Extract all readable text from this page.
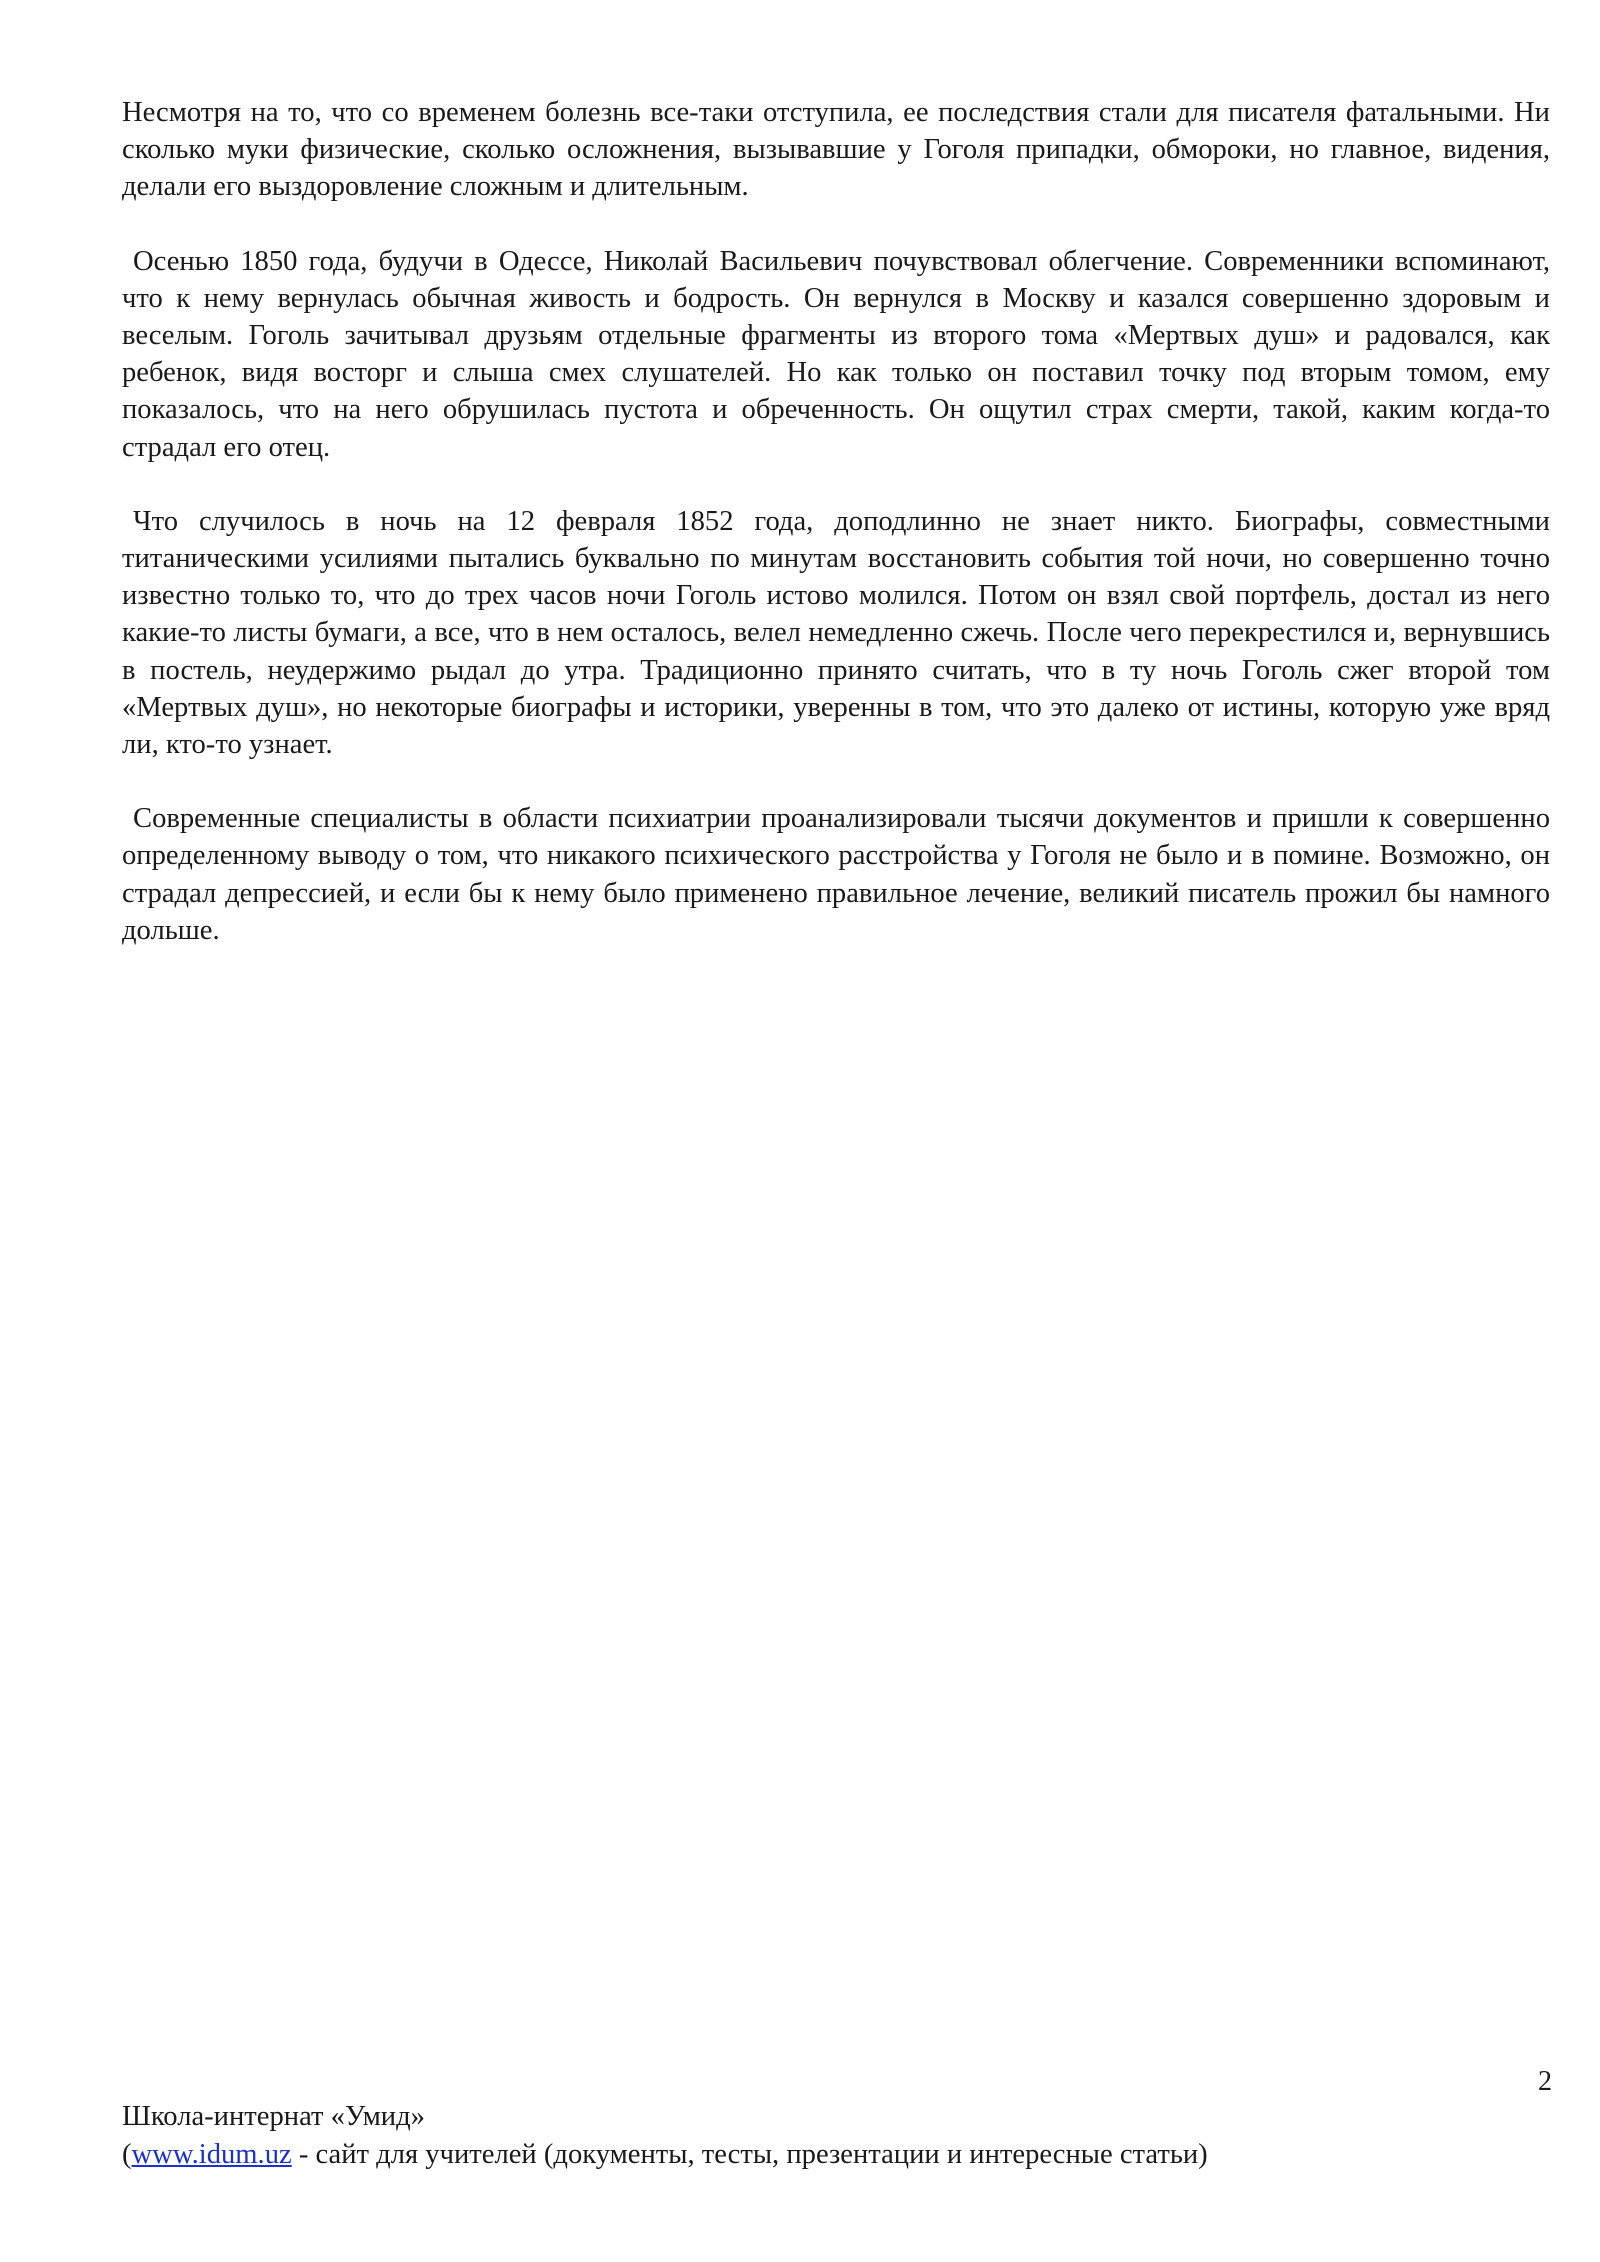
Несмотря на то, что со временем болезнь все-таки отступила, ее последствия стали для писателя фатальными. Ни сколько муки физические, сколько осложнения, вызывавшие у Гоголя припадки, обмороки, но главное, видения, делали его выздоровление сложным и длительным.

Осенью 1850 года, будучи в Одессе, Николай Васильевич почувствовал облегчение. Современники вспоминают, что к нему вернулась обычная живость и бодрость. Он вернулся в Москву и казался совершенно здоровым и веселым. Гоголь зачитывал друзьям отдельные фрагменты из второго тома «Мертвых душ» и радовался, как ребенок, видя восторг и слыша смех слушателей. Но как только он поставил точку под вторым томом, ему показалось, что на него обрушилась пустота и обреченность. Он ощутил страх смерти, такой, каким когда-то страдал его отец.

Что случилось в ночь на 12 февраля 1852 года, доподлинно не знает никто. Биографы, совместными титаническими усилиями пытались буквально по минутам восстановить события той ночи, но совершенно точно известно только то, что до трех часов ночи Гоголь истово молился. Потом он взял свой портфель, достал из него какие-то листы бумаги, а все, что в нем осталось, велел немедленно сжечь. После чего перекрестился и, вернувшись в постель, неудержимо рыдал до утра. Традиционно принято считать, что в ту ночь Гоголь сжег второй том «Мертвых душ», но некоторые биографы и историки, уверенны в том, что это далеко от истины, которую уже вряд ли, кто-то узнает.

Современные специалисты в области психиатрии проанализировали тысячи документов и пришли к совершенно определенному выводу о том, что никакого психического расстройства у Гоголя не было и в помине. Возможно, он страдал депрессией, и если бы к нему было применено правильное лечение, великий писатель прожил бы намного дольше.

2
Школа-интернат «Умид»
(www.idum.uz - сайт для учителей (документы, тесты, презентации и интересные статьи)
